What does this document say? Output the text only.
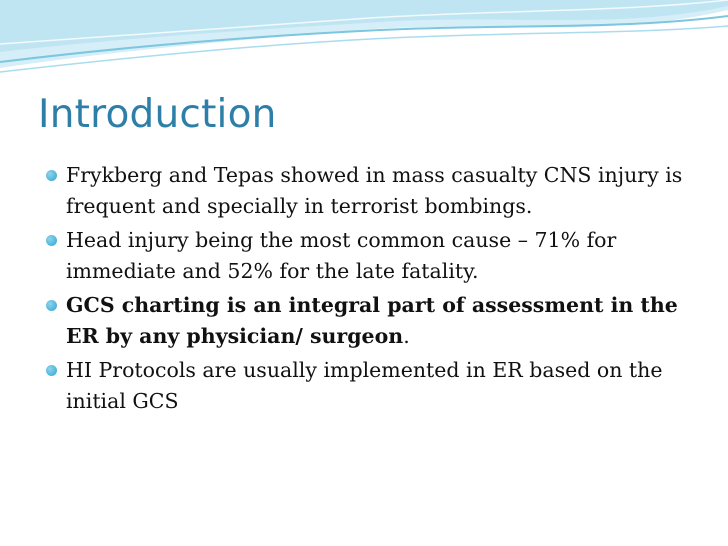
Introduction
Frykberg and Tepas showed in mass casualty CNS injury is frequent and specially in terrorist bombings.
Head injury being the most common cause – 71% for immediate and 52% for the late fatality.
GCS charting is an integral part of assessment in the ER by any physician/ surgeon.
HI Protocols are usually implemented in ER based on the initial GCS
